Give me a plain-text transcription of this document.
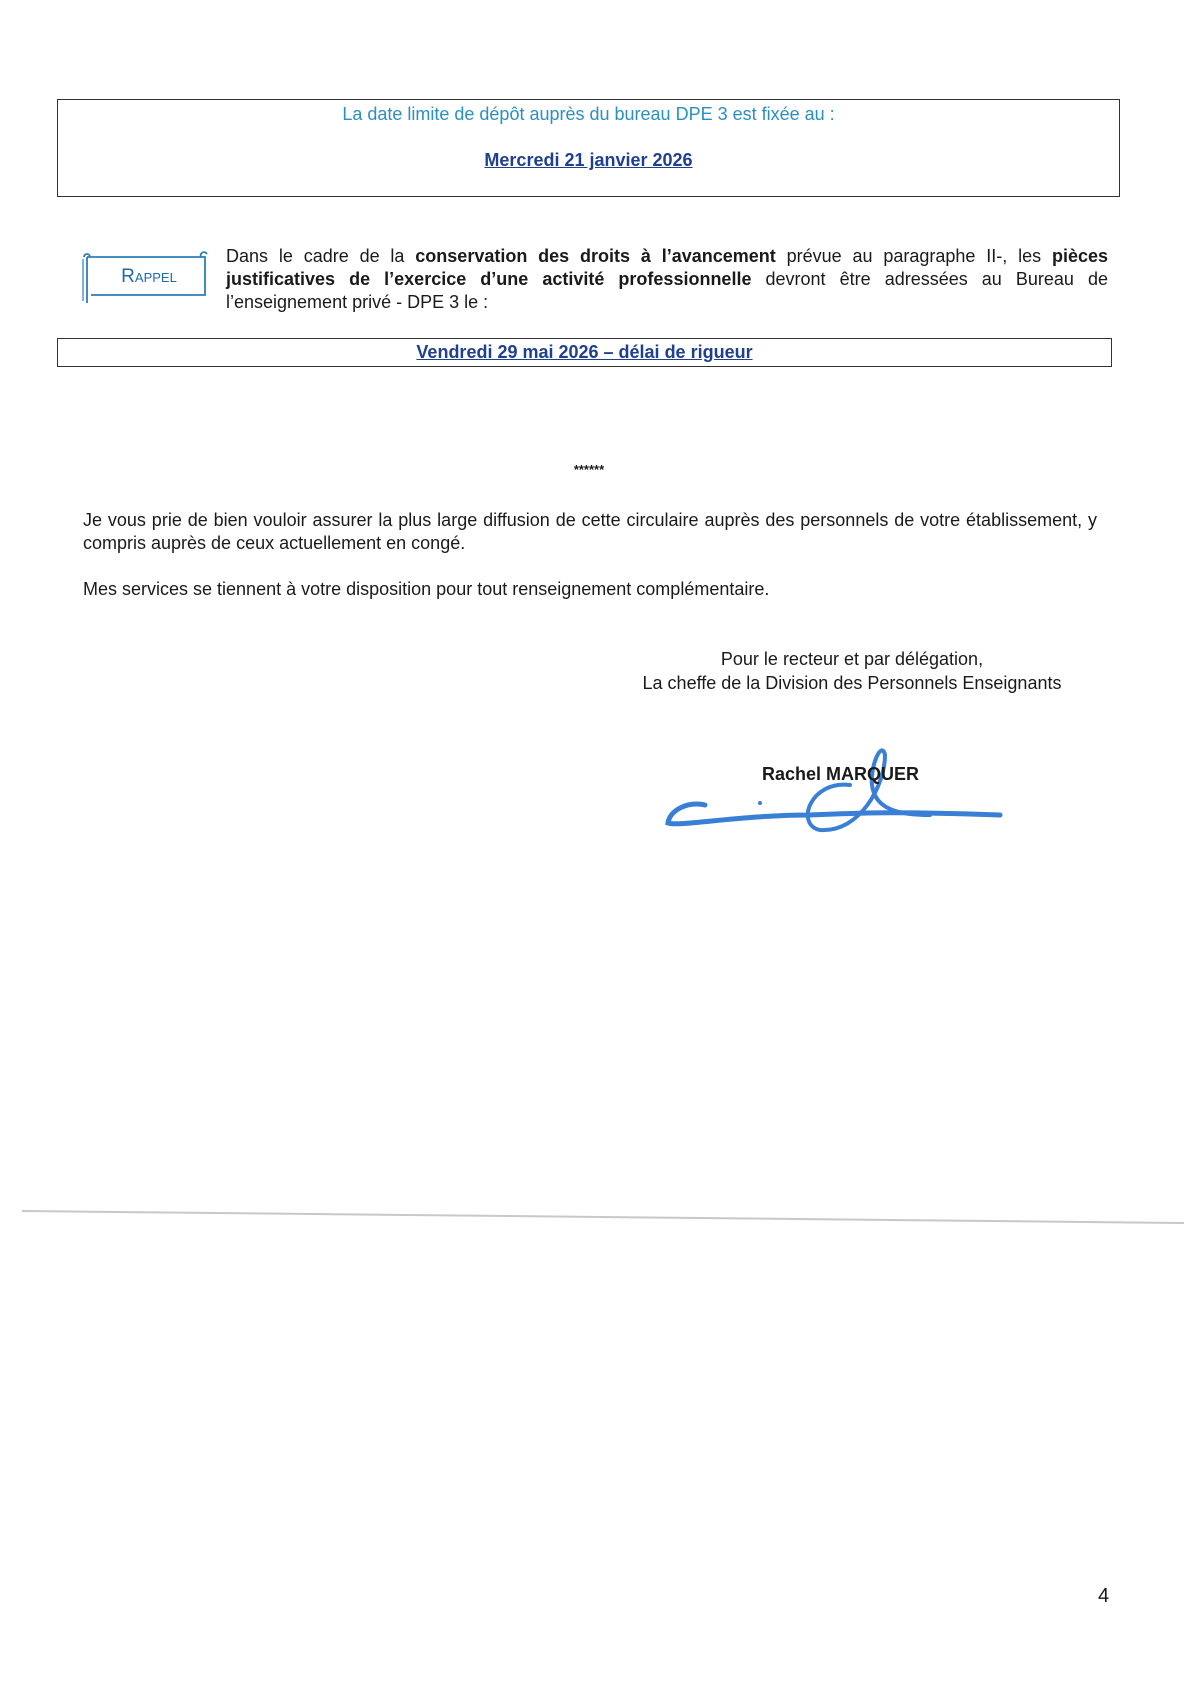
La date limite de dépôt auprès du bureau DPE 3 est fixée au :
Mercredi 21 janvier 2026
Rappel
Dans le cadre de la conservation des droits à l’avancement prévue au paragraphe II-, les pièces justificatives de l’exercice d’une activité professionnelle devront être adressées au Bureau de l’enseignement privé - DPE 3 le :
Vendredi 29 mai 2026 – délai de rigueur
******
Je vous prie de bien vouloir assurer la plus large diffusion de cette circulaire auprès des personnels de votre établissement, y compris auprès de ceux actuellement en congé.
Mes services se tiennent à votre disposition pour tout renseignement complémentaire.
Pour le recteur et par délégation,
La cheffe de la Division des Personnels Enseignants
Rachel MARQUER
4
